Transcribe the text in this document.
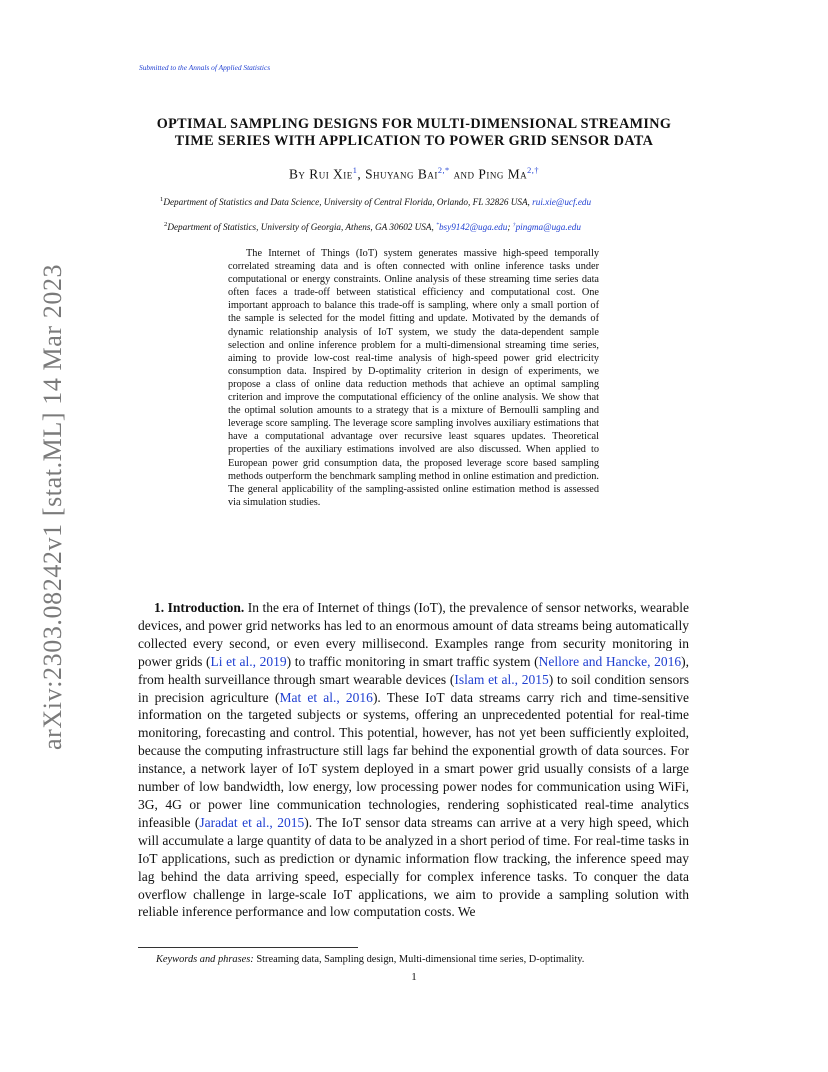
Submitted to the Annals of Applied Statistics
arXiv:2303.08242v1 [stat.ML] 14 Mar 2023
OPTIMAL SAMPLING DESIGNS FOR MULTI-DIMENSIONAL STREAMING
TIME SERIES WITH APPLICATION TO POWER GRID SENSOR DATA
By Rui Xie$^1$, Shuyang Bai$^{2,*}$ and Ping $Ma^{2,\dagger}$
$^1$Department of Statistics and Data Science, University of Central Florida, Orlando, FL 32826 USA, rui.xie@ucf.edu
$^2$Department of Statistics, University of Georgia, Athens, GA 30602 USA, *bsy9142@uga.edu; †pingma@uga.edu
The Internet of Things (IoT) system generates massive high-speed temporally correlated streaming data and is often connected with online inference tasks under computational or energy constraints. Online analysis of these streaming time series data often faces a trade-off between statistical efficiency and computational cost. One important approach to balance this trade-off is sampling, where only a small portion of the sample is selected for the model fitting and update. Motivated by the demands of dynamic relationship analysis of IoT system, we study the data-dependent sample selection and online inference problem for a multi-dimensional streaming time series, aiming to provide low-cost real-time analysis of high-speed power grid electricity consumption data. Inspired by D-optimality criterion in design of experiments, we propose a class of online data reduction methods that achieve an optimal sampling criterion and improve the computational efficiency of the online analysis. We show that the optimal solution amounts to a strategy that is a mixture of Bernoulli sampling and leverage score sampling. The leverage score sampling involves auxiliary estimations that have a computational advantage over recursive least squares updates. Theoretical properties of the auxiliary estimations involved are also discussed. When applied to European power grid consumption data, the proposed leverage score based sampling methods outperform the benchmark sampling method in online estimation and prediction. The general applicability of the sampling-assisted online estimation method is assessed via simulation studies.
1. Introduction. In the era of Internet of things (IoT), the prevalence of sensor networks, wearable devices, and power grid networks has led to an enormous amount of data streams being automatically collected every second, or even every millisecond. Examples range from security monitoring in power grids (Li et al., 2019) to traffic monitoring in smart traffic system (Nellore and Hancke, 2016), from health surveillance through smart wearable devices (Islam et al., 2015) to soil condition sensors in precision agriculture (Mat et al., 2016). These IoT data streams carry rich and time-sensitive information on the targeted subjects or systems, offering an unprecedented potential for real-time monitoring, forecasting and control. This potential, however, has not yet been sufficiently exploited, because the computing infrastructure still lags far behind the exponential growth of data sources. For instance, a network layer of IoT system deployed in a smart power grid usually consists of a large number of low bandwidth, low energy, low processing power nodes for communication using WiFi, 3G, 4G or power line communication technologies, rendering sophisticated real-time analytics infeasible (Jaradat et al., 2015). The IoT sensor data streams can arrive at a very high speed, which will accumulate a large quantity of data to be analyzed in a short period of time. For real-time tasks in IoT applications, such as prediction or dynamic information flow tracking, the inference speed may lag behind the data arriving speed, especially for complex inference tasks. To conquer the data overflow challenge in large-scale IoT applications, we aim to provide a sampling solution with reliable inference performance and low computation costs. We
Keywords and phrases: Streaming data, Sampling design, Multi-dimensional time series, D-optimality.
1
